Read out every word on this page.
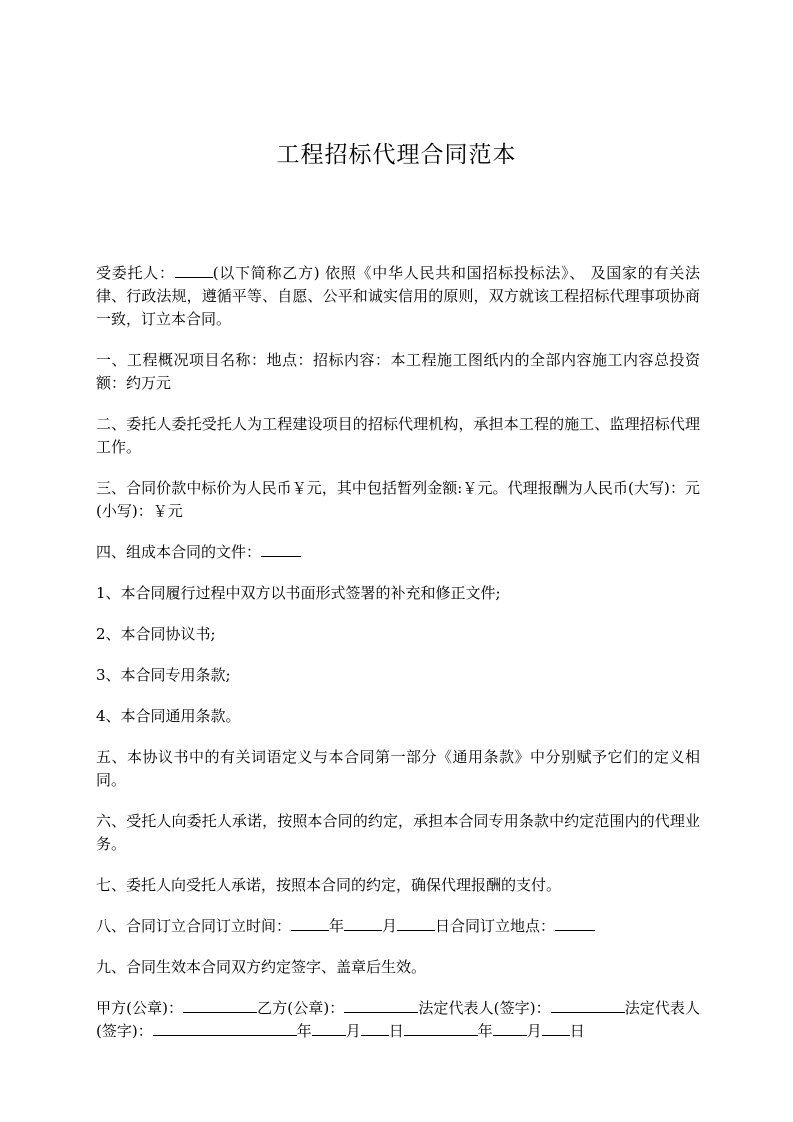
工程招标代理合同范本

受委托人：	(以下简称乙方) 依照《中华人民共和国招标投标法》、 及国家的有关法律、行政法规，遵循平等、自愿、公平和诚实信用的原则，双方就该工程招标代理事项协商一致，订立本合同。

一、工程概况项目名称：地点：招标内容：本工程施工图纸内的全部内容施工内容总投资额：约万元

二、委托人委托受托人为工程建设项目的招标代理机构，承担本工程的施工、监理招标代理工作。

三、合同价款中标价为人民币￥元，其中包括暂列金额:￥元。代理报酬为人民币(大写)：元(小写)：￥元

四、组成本合同的文件：

1、本合同履行过程中双方以书面形式签署的补充和修正文件;

2、本合同协议书;

3、本合同专用条款;

4、本合同通用条款。

五、本协议书中的有关词语定义与本合同第一部分《通用条款》中分别赋予它们的定义相同。

六、受托人向委托人承诺，按照本合同的约定，承担本合同专用条款中约定范围内的代理业务。

七、委托人向受托人承诺，按照本合同的约定，确保代理报酬的支付。

八、合同订立合同订立时间：	年	月	日合同订立地点：

九、合同生效本合同双方约定签字、盖章后生效。

甲方(公章)：	乙方(公章)：	法定代表人(签字)：	法定代表人(签字)：	年 月 日	年 月 日
